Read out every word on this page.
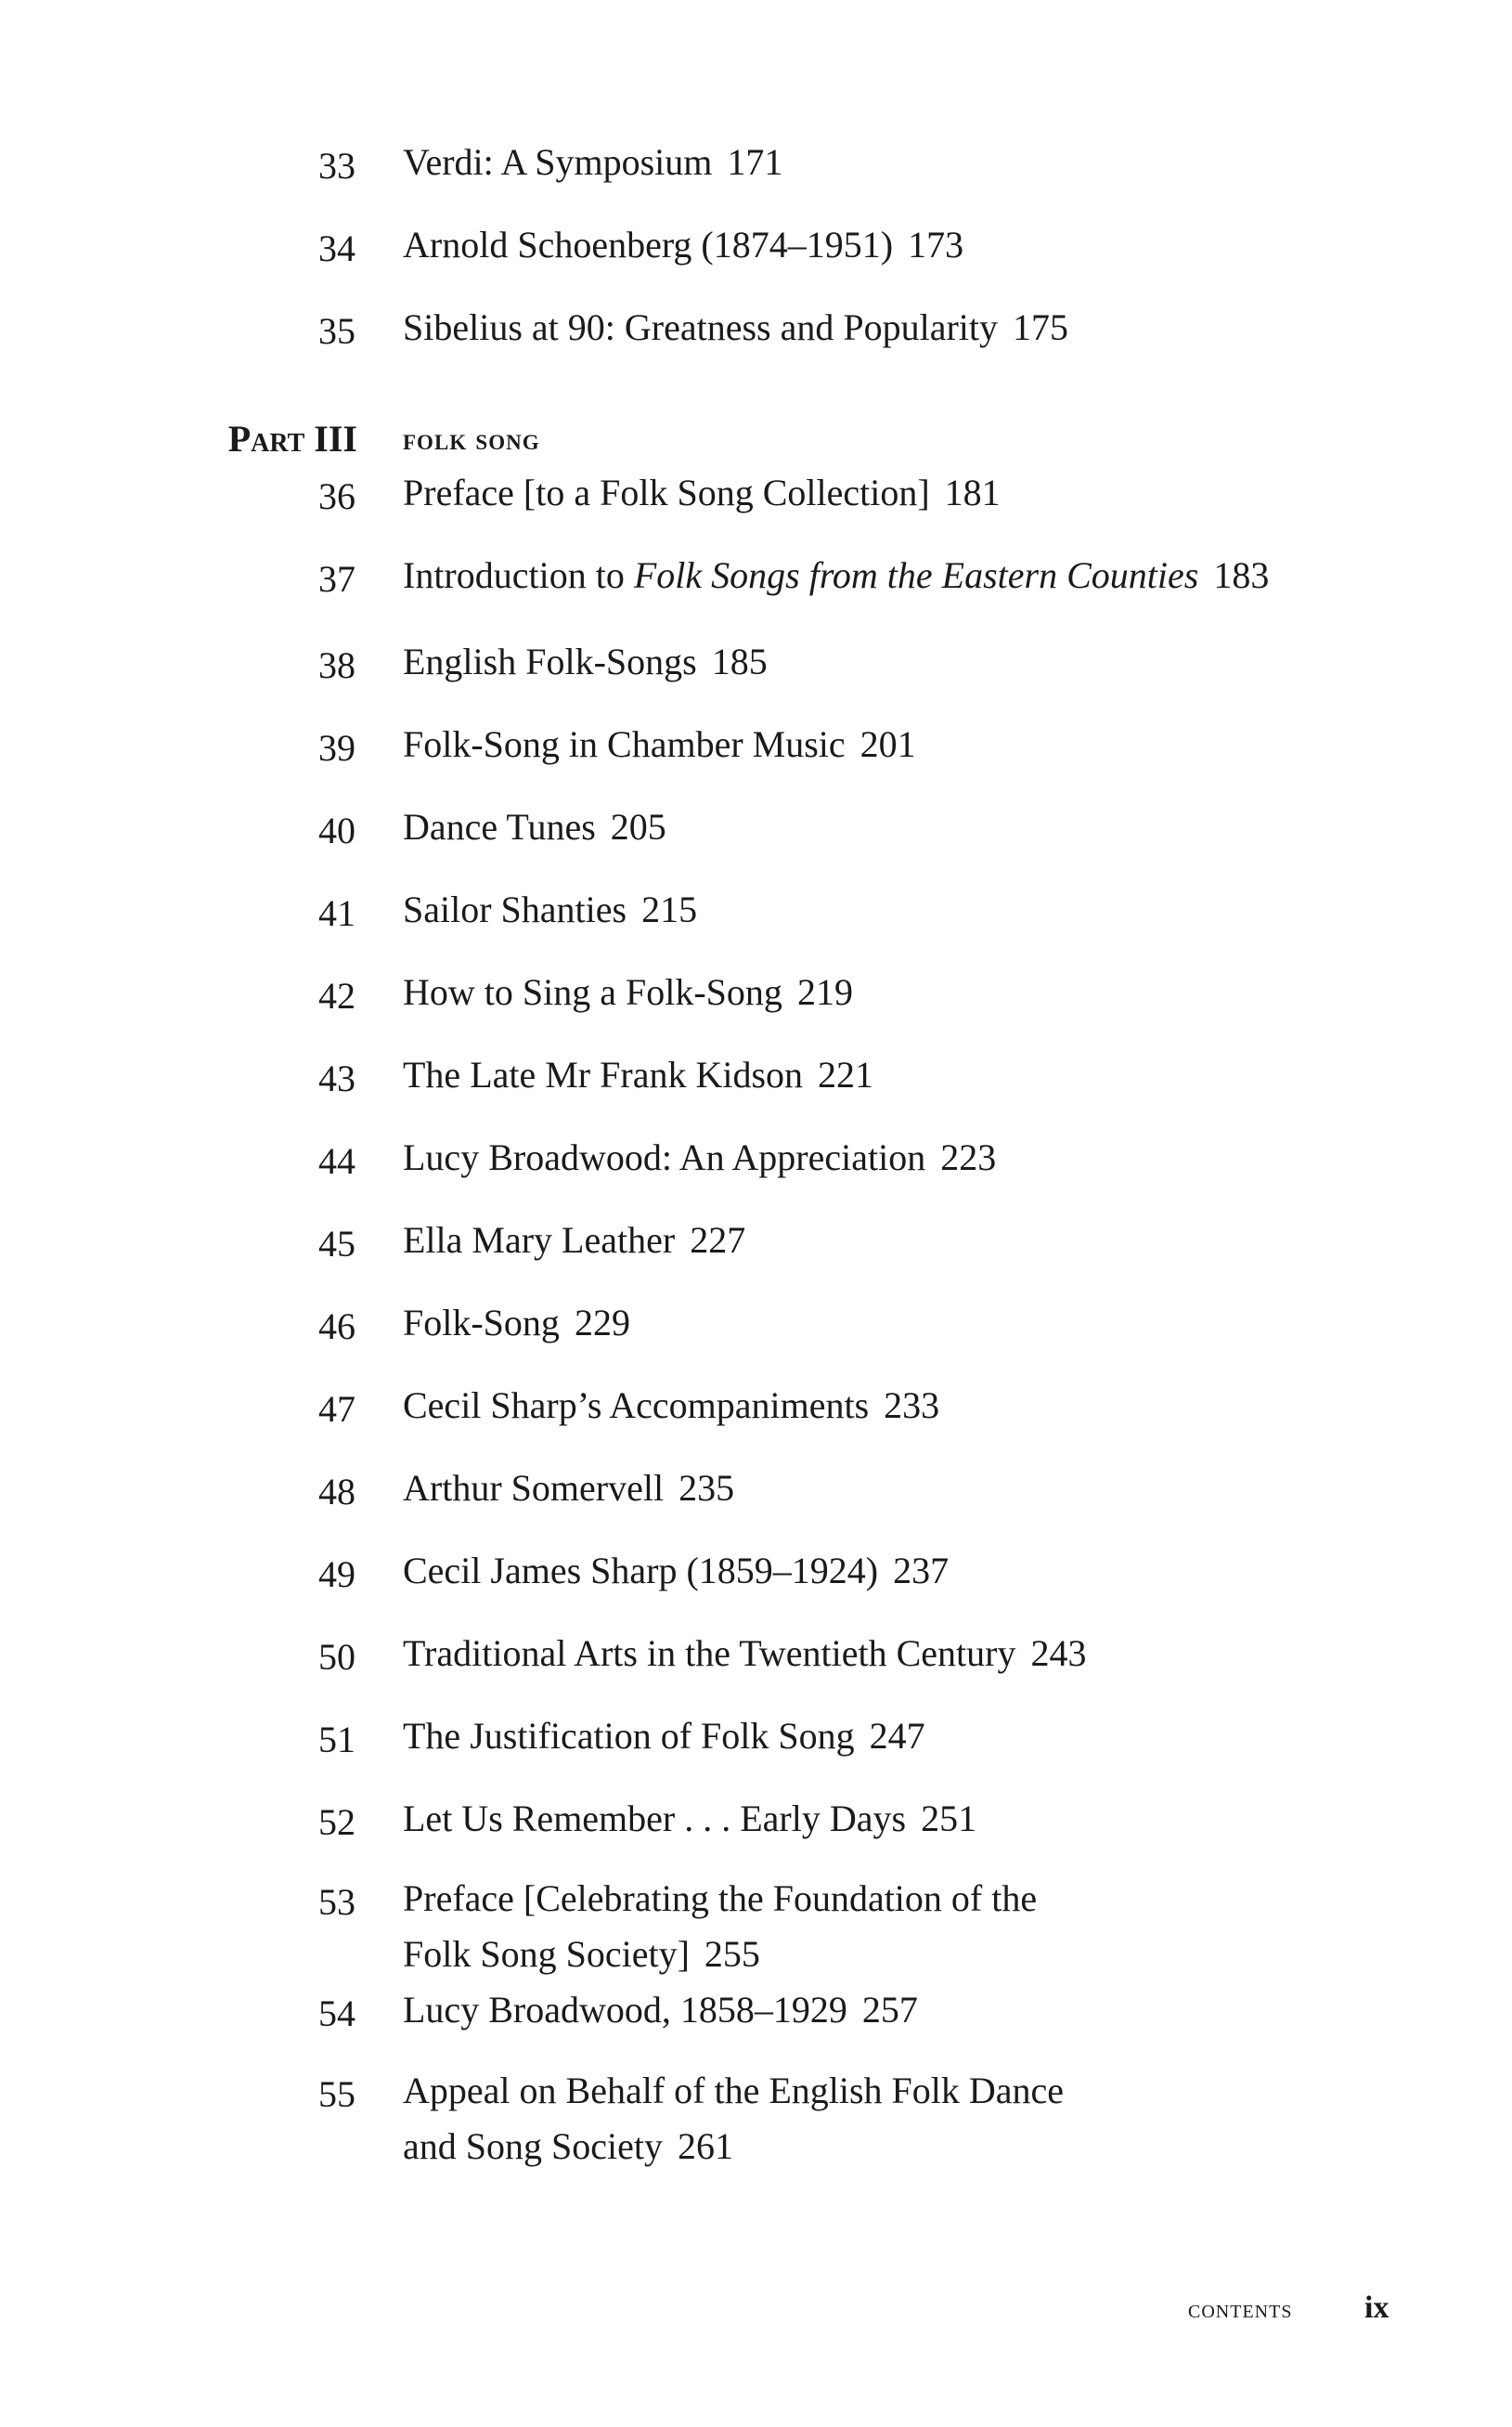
33 Verdi: A Symposium 171
34 Arnold Schoenberg (1874–1951) 173
35 Sibelius at 90: Greatness and Popularity 175
Part III folk song
36 Preface [to a Folk Song Collection] 181
37 Introduction to Folk Songs from the Eastern Counties 183
38 English Folk-Songs 185
39 Folk-Song in Chamber Music 201
40 Dance Tunes 205
41 Sailor Shanties 215
42 How to Sing a Folk-Song 219
43 The Late Mr Frank Kidson 221
44 Lucy Broadwood: An Appreciation 223
45 Ella Mary Leather 227
46 Folk-Song 229
47 Cecil Sharp’s Accompaniments 233
48 Arthur Somervell 235
49 Cecil James Sharp (1859–1924) 237
50 Traditional Arts in the Twentieth Century 243
51 The Justification of Folk Song 247
52 Let Us Remember . . . Early Days 251
53 Preface [Celebrating the Foundation of the
Folk Song Society] 255
54 Lucy Broadwood, 1858–1929 257
55 Appeal on Behalf of the English Folk Dance
and Song Society 261
contents ix
